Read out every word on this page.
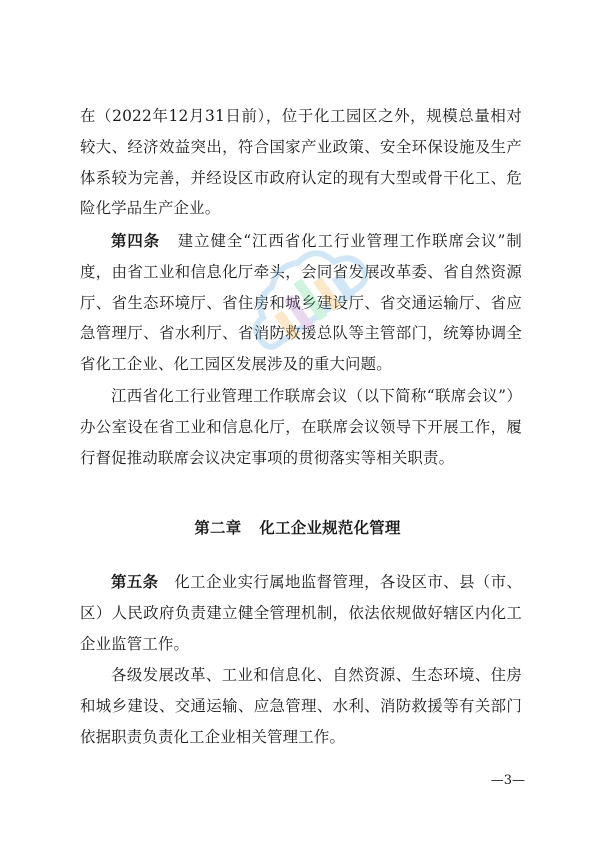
在（2022年12月31日前），位于化工园区之外，规模总量相对较大、经济效益突出，符合国家产业政策、安全环保设施及生产体系较为完善，并经设区市政府认定的现有大型或骨干化工、危险化学品生产企业。

第四条 建立健全“江西省化工行业管理工作联席会议”制度，由省工业和信息化厅牵头，会同省发展改革委、省自然资源厅、省生态环境厅、省住房和城乡建设厅、省交通运输厅、省应急管理厅、省水利厅、省消防救援总队等主管部门，统筹协调全省化工企业、化工园区发展涉及的重大问题。

江西省化工行业管理工作联席会议（以下简称“联席会议”）办公室设在省工业和信息化厅，在联席会议领导下开展工作，履行督促推动联席会议决定事项的贯彻落实等相关职责。

第二章 化工企业规范化管理

第五条 化工企业实行属地监督管理，各设区市、县（市、区）人民政府负责建立健全管理机制，依法依规做好辖区内化工企业监管工作。

各级发展改革、工业和信息化、自然资源、生态环境、住房和城乡建设、交通运输、应急管理、水利、消防救援等有关部门依据职责负责化工企业相关管理工作。

—3—
